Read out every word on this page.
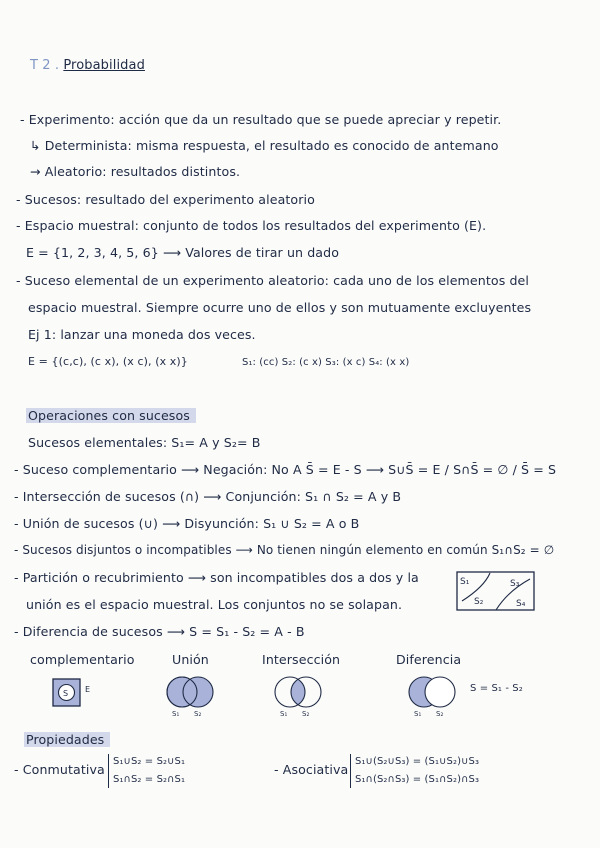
T 2 . Probabilidad
- Experimento: acción que da un resultado que se puede apreciar y repetir.
↳ Determinista: misma respuesta, el resultado es conocido de antemano
→ Aleatorio: resultados distintos.
- Sucesos: resultado del experimento aleatorio
- Espacio muestral: conjunto de todos los resultados del experimento (E).
E = {1, 2, 3, 4, 5, 6} ⟶ Valores de tirar un dado
- Suceso elemental de un experimento aleatorio: cada uno de los elementos del
espacio muestral. Siempre ocurre uno de ellos y son mutuamente excluyentes
Ej 1: lanzar una moneda dos veces.
E = {(c,c), (c x), (x c), (x x)}	S₁: (cc) S₂: (c x) S₃: (x c) S₄: (x x)
Operaciones con sucesos
Sucesos elementales: S₁= A y S₂= B
- Suceso complementario ⟶ Negación: No A S̄ = E - S ⟶ S∪S̄ = E / S∩S̄ = ∅ / S̄̄ = S
- Intersección de sucesos (∩) ⟶ Conjunción: S₁ ∩ S₂ = A y B
- Unión de sucesos (∪) ⟶ Disyunción: S₁ ∪ S₂ = A o B
- Sucesos disjuntos o incompatibles ⟶ No tienen ningún elemento en común S₁∩S₂ = ∅
- Partición o recubrimiento ⟶ son incompatibles dos a dos y la
unión es el espacio muestral. Los conjuntos no se solapan.
- Diferencia de sucesos ⟶ S = S₁ - S₂ = A - B
S₁
S₂
S₃
S₄
complementario	Unión	Intersección	Diferencia
S E
S₁ S₂	S₁ S₂	S₁ S₂
S = S₁ - S₂
Propiedades
- Conmutativa
S₁∪S₂ = S₂∪S₁
S₁∩S₂ = S₂∩S₁
- Asociativa
S₁∪(S₂∪S₃) = (S₁∪S₂)∪S₃
S₁∩(S₂∩S₃) = (S₁∩S₂)∩S₃
